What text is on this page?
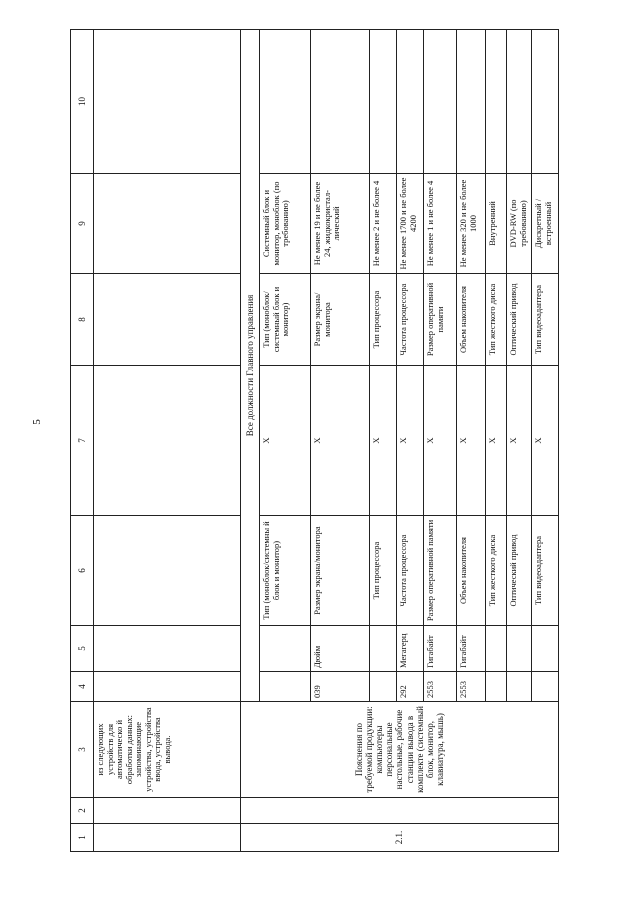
5
1	2	3	4	5	6	7	8	9	10
		из следующих устройств для автоматическо й обработки данных: запоминающие устройства, устройства ввода, устройства вывода.							
2.1.		Пояснения по требуемой продукции: компьютеры персональные настольные, рабочие станции вывода в комплекте (системный блок, монитор, клавиатура, мышь)	Все должности Главного управления						
					Тип (моноблок/системны й блок и монитор)	X	Тип (моноблок/ системный блок и монитор)	Системный блок и монитор, моноблок (по требованию)	
			039	Дюйм	Размер экрана/монитора	X	Размер экрана/монитора	Не менее 19 и не более 24, жидкокристал-лический	
					Тип процессора	X	Тип процессора	Не менее 2 и не более 4	
			292	Мегагерц	Частота процессора	X	Частота процессора	Не менее 1700 и не более 4200	
			2553	Гигабайт	Размер оперативной памяти	X	Размер оперативной памяти	Не менее 1 и не более 4	
			2553	Гигабайт	Объем накопителя	X	Объем накопителя	Не менее 320 и не более 1000	
					Тип жесткого диска	X	Тип жесткого диска	Внутренний	
					Оптический привод	X	Оптический привод	DVD-RW (по требованию)	
					Тип видеоадаптера	X	Тип видеоадаптера	Дискретный / встроенный	
